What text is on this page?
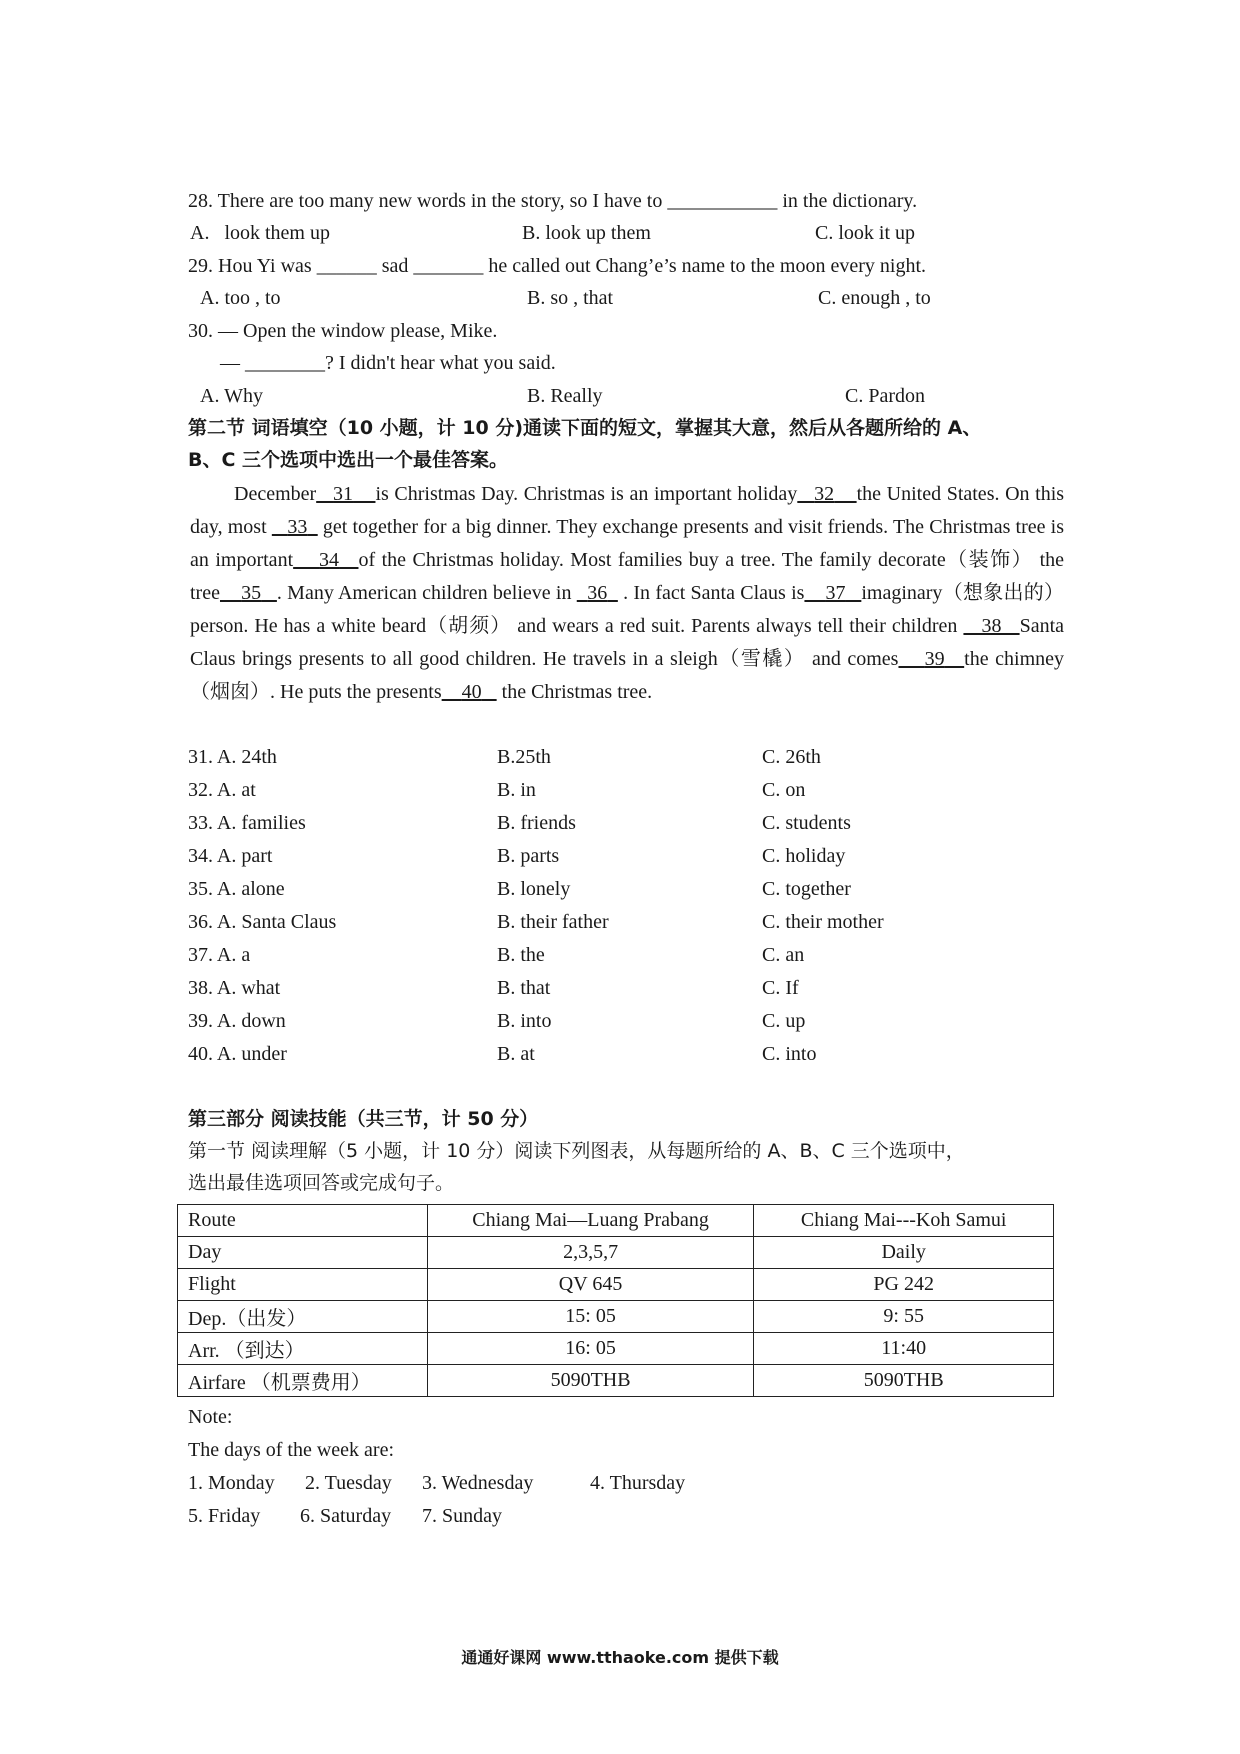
28. There are too many new words in the story, so I have to ___________ in the dictionary.
A.   look them up	B. look up them	C. look it up
29. Hou Yi was ______ sad _______ he called out Chang’e’s name to the moon every night.
A. too , to	B. so , that	C. enough , to
30. — Open the window please, Mike.
— ________? I didn't hear what you said.
A. Why	B. Really	C. Pardon
第二节 词语填空（10 小题，计 10 分)通读下面的短文，掌握其大意，然后从各题所给的 A、
B、C 三个选项中选出一个最佳答案。
December 31 is Christmas Day. Christmas is an important holiday 32 the United States. On this day, most    33   get together for a big dinner. They exchange presents and visit friends. The Christmas tree is an important 34 of the Christmas holiday. Most families buy a tree. The family decorate（装饰） the tree 35 . Many American children believe in   36   . In fact Santa Claus is 37 imaginary（想象出的） person. He has a white beard（胡须） and wears a red suit. Parents always tell their children    38 Santa Claus brings presents to all good children. He travels in a sleigh（雪橇） and comes 39 the chimney（烟囱）. He puts the presents 40    the Christmas tree.
31. A. 24th	B.25th	C. 26th
32. A. at	B. in	C. on
33. A. families	B. friends	C. students
34. A. part	B. parts	C. holiday
35. A. alone	B. lonely	C. together
36. A. Santa Claus	B. their father	C. their mother
37. A. a	B. the	C. an
38. A. what	B. that	C. If
39. A. down	B. into	C. up
40. A. under	B. at	C. into
第三部分 阅读技能（共三节，计 50 分）
第一节 阅读理解（5 小题，计 10 分）阅读下列图表，从每题所给的 A、B、C 三个选项中，
选出最佳选项回答或完成句子。
Route	Chiang Mai—Luang Prabang	Chiang Mai---Koh Samui
Day	2,3,5,7	Daily
Flight	QV 645	PG 242
Dep.（出发）	15: 05	9: 55
Arr. （到达）	16: 05	11:40
Airfare （机票费用）	5090THB	5090THB
Note:
The days of the week are:
1. Monday 2. Tuesday 3. Wednesday	4. Thursday
5. Friday 6. Saturday 7. Sunday
通通好课网 www.tthaoke.com 提供下载
